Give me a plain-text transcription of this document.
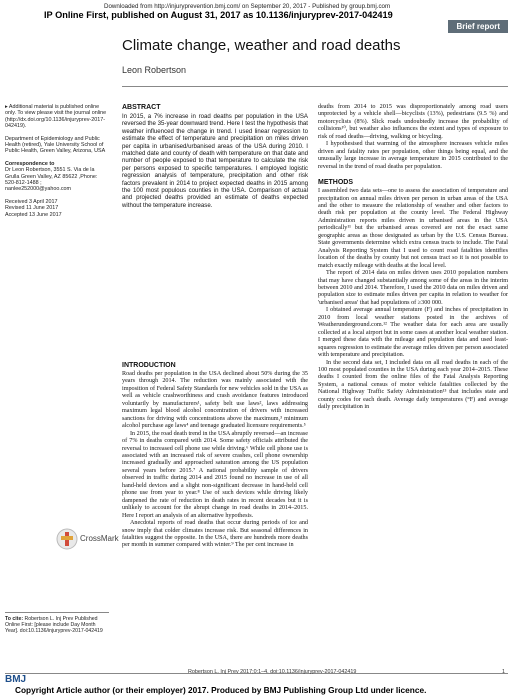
Downloaded from http://injuryprevention.bmj.com/ on September 20, 2017 - Published by group.bmj.com
IP Online First, published on August 31, 2017 as 10.1136/injuryprev-2017-042419
Brief report
Climate change, weather and road deaths
Leon Robertson

▸ Additional material is published online only. To view please visit the journal online (http://dx.doi.org/10.1136/injuryprev-2017-042419).

Department of Epidemiology and Public Health (retired), Yale University School of Public Health, Green Valley, Arizona, USA

Correspondence to
Dr Leon Robertson, 3551 S. Via de la Grulla Green Valley, AZ 85622 ,Phone: 520-812-1488 ; nanlee252000@yahoo.com

Received 3 April 2017
Revised 11 June 2017
Accepted 13 June 2017

CrossMark
To cite: Robertson L. Inj Prev Published Online First: [please include Day Month Year]. doi:10.1136/injuryprev-2017-042419
ABSTRACT
In 2015, a 7% increase in road deaths per population in the USA reversed the 35-year downward trend. Here I test the hypothesis that weather influenced the change in trend. I used linear regression to estimate the effect of temperature and precipitation on miles driven per capita in urbanised/urbanised areas of the USA during 2010. I matched date and county of death with temperature on that date and number of people exposed to that temperature to calculate the risk per persons exposed to specific temperatures. I employed logistic regression analysis of temperature, precipitation and other risk factors prevalent in 2014 to project expected deaths in 2015 among the 100 most populous counties in the USA. Comparison of actual and projected deaths provided an estimate of deaths expected without the temperature increase.
INTRODUCTION

Road deaths per population in the USA declined about 50% during the 35 years through 2014. The reduction was mainly associated with the imposition of Federal Safety Standards for new vehicles sold in the USA as well as vehicle crashworthiness and crash avoidance features introduced voluntarily by manufacturers¹, safety belt use laws², laws addressing maximum legal blood alcohol concentration of drivers with increased sanctions for driving with concentrations above the maximum,³ minimum alcohol purchase age laws⁴ and teenage graduated licensure requirements.⁵

In 2015, the road death trend in the USA abruptly reversed—an increase of 7% in deaths compared with 2014. Some safety officials attributed the reversal to increased cell phone use while driving.⁶ While cell phone use is associated with an increased risk of severe crashes, cell phone ownership increased gradually and approached saturation among the US population several years before 2015.⁷ A national probability sample of drivers observed in traffic during 2014 and 2015 found no increase in use of all hand-held devices and a slight non-significant decrease in hand-held cell phone use from year to year.⁸ Use of such devices while driving likely dampened the rate of reduction in death rates in recent decades but it is unlikely to account for the abrupt change in road deaths in 2014–2015. Here I report an analysis of an alternative hypothesis.

Anecdotal reports of road deaths that occur during periods of ice and snow imply that colder climates increase risk. But seasonal differences in fatalities suggest the opposite. In the USA, there are hundreds more deaths per month in summer compared with winter.⁹ The per cent increase in

deaths from 2014 to 2015 was disproportionately among road users unprotected by a vehicle shell—bicyclists (13%), pedestrians (9.5 %) and motorcyclists (8%). Slick roads undoubtedly increase the probability of collisions¹⁰, but weather also influences the extent and types of exposure to risk of road deaths—driving, walking or bicycling.

I hypothesised that warming of the atmosphere increases vehicle miles driven and fatality rates per population, other things being equal, and the unusually large increase in average temperature in 2015 contributed to the reversal in the trend of road deaths per population.

METHODS

I assembled two data sets—one to assess the association of temperature and precipitation on annual miles driven per person in urban areas of the USA and the other to measure the relationship of weather and other factors to death risk per population at the county level. The Federal Highway Administration reports miles driven in urbanised areas in the USA periodically¹¹ but the urbanised areas covered are not the exact same geographic areas as those designated as urban by the U.S. Census Bureau. State governments determine which extra census tracts to include. The Fatal Analysis Reporting System that I used to count road fatalities identifies location of the deaths by county but not census tract so it is not possible to match exactly mileage with deaths at the local level.

The report of 2014 data on miles driven uses 2010 population numbers that may have changed substantially among some of the areas in the interim between 2010 and 2014. Therefore, I used the 2010 data on miles driven and population size to estimate miles driven per capita in relation to weather for 'urbanised areas' that had populations of ≥300 000.

I obtained average annual temperature (F) and inches of precipitation in 2010 from local weather stations posted in the archives of Weatherunderground.com.¹² The weather data for each area are usually collected at a local airport but in some cases at another local weather station. I merged these data with the mileage and population data and used least-squares regression to estimate the average miles driven per person associated with temperature and precipitation.

In the second data set, I included data on all road deaths in each of the 100 most populated counties in the USA during each year 2014–2015. These deaths I counted from the online files of the Fatal Analysis Reporting System, a national census of motor vehicle fatalities collected by the National Highway Traffic Safety Administration¹³ that includes state and county codes for each death. Average daily temperatures (°F) and average daily precipitation in

BMJ
Robertson L. Inj Prev 2017;0:1–4. doi:10.1136/injuryprev-2017-042419	1
Copyright Article author (or their employer) 2017. Produced by BMJ Publishing Group Ltd under licence.
